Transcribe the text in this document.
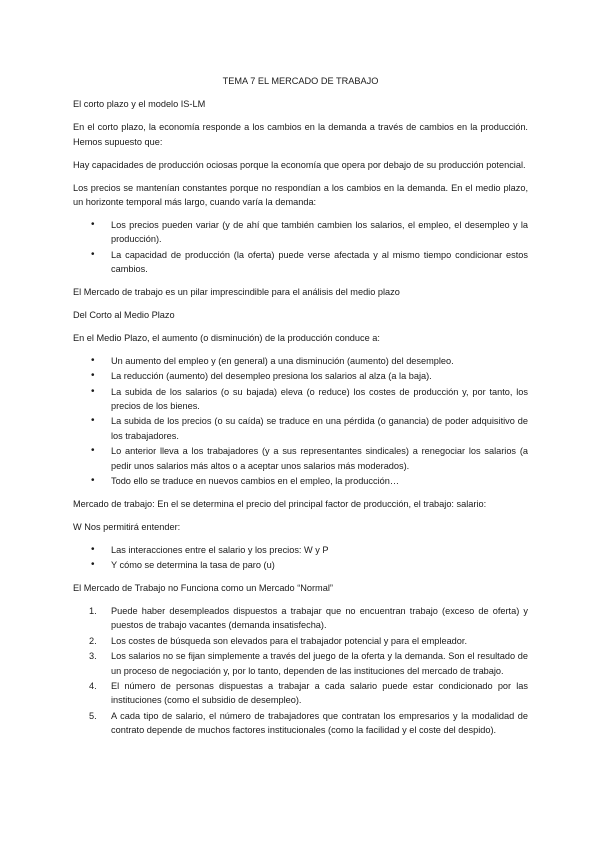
TEMA 7 EL MERCADO DE TRABAJO
El corto plazo y el modelo IS-LM

En el corto plazo, la economía responde a los cambios en la demanda a través de cambios en la producción. Hemos supuesto que:

Hay capacidades de producción ociosas porque la economía que opera por debajo de su producción potencial.

Los precios se mantenían constantes porque no respondían a los cambios en la demanda. En el medio plazo, un horizonte temporal más largo, cuando varía la demanda:

• Los precios pueden variar (y de ahí que también cambien los salarios, el empleo, el desempleo y la producción).
• La capacidad de producción (la oferta) puede verse afectada y al mismo tiempo condicionar estos cambios.

El Mercado de trabajo es un pilar imprescindible para el análisis del medio plazo

Del Corto al Medio Plazo

En el Medio Plazo, el aumento (o disminución) de la producción conduce a:

• Un aumento del empleo y (en general) a una disminución (aumento) del desempleo.
• La reducción (aumento) del desempleo presiona los salarios al alza (a la baja).
• La subida de los salarios (o su bajada) eleva (o reduce) los costes de producción y, por tanto, los precios de los bienes.
• La subida de los precios (o su caída) se traduce en una pérdida (o ganancia) de poder adquisitivo de los trabajadores.
• Lo anterior lleva a los trabajadores (y a sus representantes sindicales) a renegociar los salarios (a pedir unos salarios más altos o a aceptar unos salarios más moderados).
• Todo ello se traduce en nuevos cambios en el empleo, la producción…

Mercado de trabajo: En el se determina el precio del principal factor de producción, el trabajo: salario:

W Nos permitirá entender:

• Las interacciones entre el salario y los precios: W y P
• Y cómo se determina la tasa de paro (u)
El Mercado de Trabajo no Funciona como un Mercado “Normal”
1. Puede haber desempleados dispuestos a trabajar que no encuentran trabajo (exceso de oferta) y puestos de trabajo vacantes (demanda insatisfecha).
2. Los costes de búsqueda son elevados para el trabajador potencial y para el empleador.
3. Los salarios no se fijan simplemente a través del juego de la oferta y la demanda. Son el resultado de un proceso de negociación y, por lo tanto, dependen de las instituciones del mercado de trabajo.
4. El número de personas dispuestas a trabajar a cada salario puede estar condicionado por las instituciones (como el subsidio de desempleo).
5. A cada tipo de salario, el número de trabajadores que contratan los empresarios y la modalidad de contrato depende de muchos factores institucionales (como la facilidad y el coste del despido).
